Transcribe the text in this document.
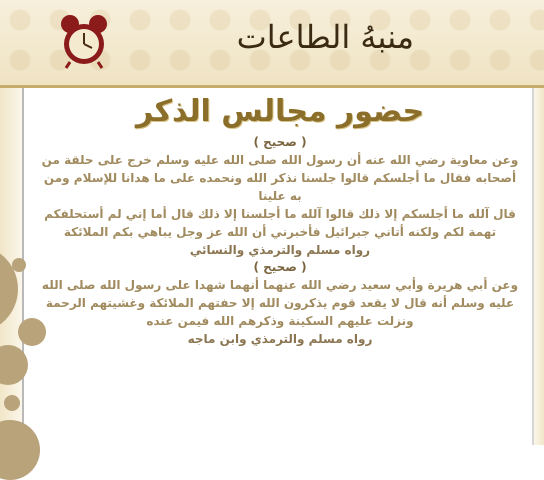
منبهُ الطاعات
حضور مجالس الذكر
( صحيح )

وعن معاوية رضي الله عنه أن رسول الله صلى الله عليه وسلم خرج على حلقة من أصحابه فقال ما أجلسكم قالوا جلسنا نذكر الله ونحمده على ما هدانا للإسلام ومن به علينا

قال آلله ما أجلسكم إلا ذلك قالوا آلله ما أجلسنا إلا ذلك قال أما إني لم أستحلفكم تهمة لكم ولكنه أتاني جبرائيل فأخبرني أن الله عز وجل يباهي بكم الملائكة

رواه مسلم والترمذي والنسائي
( صحيح )

وعن أبي هريرة وأبي سعيد رضي الله عنهما أنهما شهدا على رسول الله صلى الله عليه وسلم أنه قال لا يقعد قوم يذكرون الله إلا حفتهم الملائكة وغشيتهم الرحمة ونزلت عليهم السكينة وذكرهم الله فيمن عنده

رواه مسلم والترمذي وابن ماجه
